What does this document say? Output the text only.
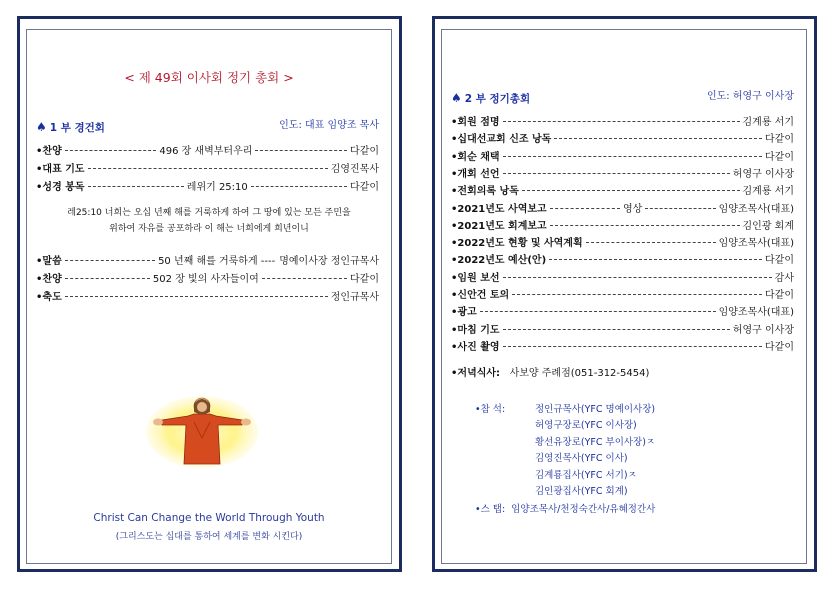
< 제 49회 이사회 정기 총회 >
♠ 1 부 경건회	인도: 대표 임양조 목사
•찬양	496 장 새벽부터우리	다같이
•대표 기도	김영진목사
•성경 봉독	레위기 25:10	다같이
레25:10 너희는 오십 년째 해를 거룩하게 하여 그 땅에 있는 모든 주민을
위하여 자유를 공포하라 이 해는 너희에게 희년이니
•말씀	50 년째 해를 거룩하게 ---- 명예이사장 정인규목사
•찬양	502 장 빛의 사자들이여	다같이
•축도	정인규목사
Christ Can Change the World Through Youth
(그리스도는 십대를 통하여 세계를 변화 시킨다)
♠ 2 부 정기총회	인도: 허영구 이사장
•회원 점명	김계룡 서기
•십대선교회 신조 낭독	다같이
•회순 채택	다같이
•개회 선언	허영구 이사장
•전회의록 낭독	김계룡 서기
•2021년도 사역보고	영상	임양조목사(대표)
•2021년도 회계보고	김인광 회계
•2022년도 현황 및 사역계획	임양조목사(대표)
•2022년도 예산(안)	다같이
•임원 보선	감사
•신안건 토의	다같이
•광고	임양조목사(대표)
•마침 기도	허영구 이사장
•사진 촬영	다같이
•저녁식사: 사보양 주례점(051-312-5454)
•참 석:	정인규목사(YFC 명예이사장)
허영구장로(YFC 이사장)
황선유장로(YFC 부이사장)ㅈ
김영진목사(YFC 이사)
김계룡집사(YFC 서기)ㅈ
김인광집사(YFC 회계)
•스 탭: 임양조목사/천정숙간사/유혜정간사
